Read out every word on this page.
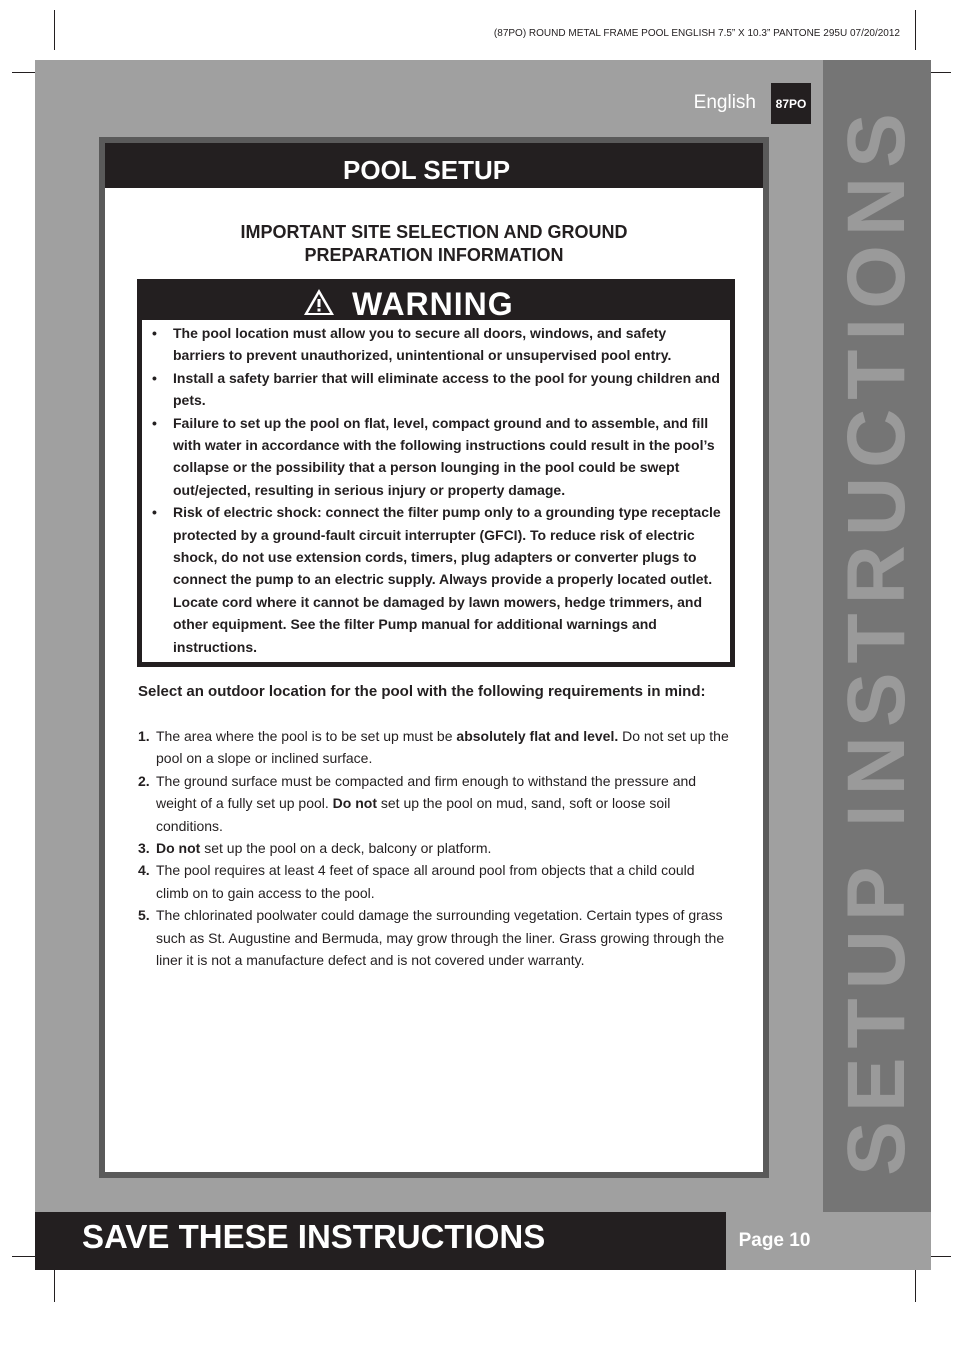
(87PO) ROUND METAL FRAME POOL ENGLISH 7.5” X 10.3” PANTONE 295U 07/20/2012
SETUP INSTRUCTIONS
English	87PO
POOL SETUP
IMPORTANT SITE SELECTION AND GROUND
PREPARATION INFORMATION
WARNING
• The pool location must allow you to secure all doors, windows, and safety barriers to prevent unauthorized, unintentional or unsupervised pool entry.
• Install a safety barrier that will eliminate access to the pool for young children and pets.
• Failure to set up the pool on flat, level, compact ground and to assemble, and fill with water in accordance with the following instructions could result in the pool’s collapse or the possibility that a person lounging in the pool could be swept out/ejected, resulting in serious injury or property damage.
• Risk of electric shock: connect the filter pump only to a grounding type receptacle protected by a ground-fault circuit interrupter (GFCI). To reduce risk of electric shock, do not use extension cords, timers, plug adapters or converter plugs to connect the pump to an electric supply. Always provide a properly located outlet. Locate cord where it cannot be damaged by lawn mowers, hedge trimmers, and other equipment. See the filter Pump manual for additional warnings and instructions.
Select an outdoor location for the pool with the following requirements in mind:
1. The area where the pool is to be set up must be absolutely flat and level. Do not set up the pool on a slope or inclined surface.
2. The ground surface must be compacted and firm enough to withstand the pressure and weight of a fully set up pool. Do not set up the pool on mud, sand, soft or loose soil conditions.
3. Do not set up the pool on a deck, balcony or platform.
4. The pool requires at least 4 feet of space all around pool from objects that a child could climb on to gain access to the pool.
5. The chlorinated poolwater could damage the surrounding vegetation. Certain types of grass such as St. Augustine and Bermuda, may grow through the liner. Grass growing through the liner it is not a manufacture defect and is not covered under warranty.
SAVE THESE INSTRUCTIONS	Page 10
